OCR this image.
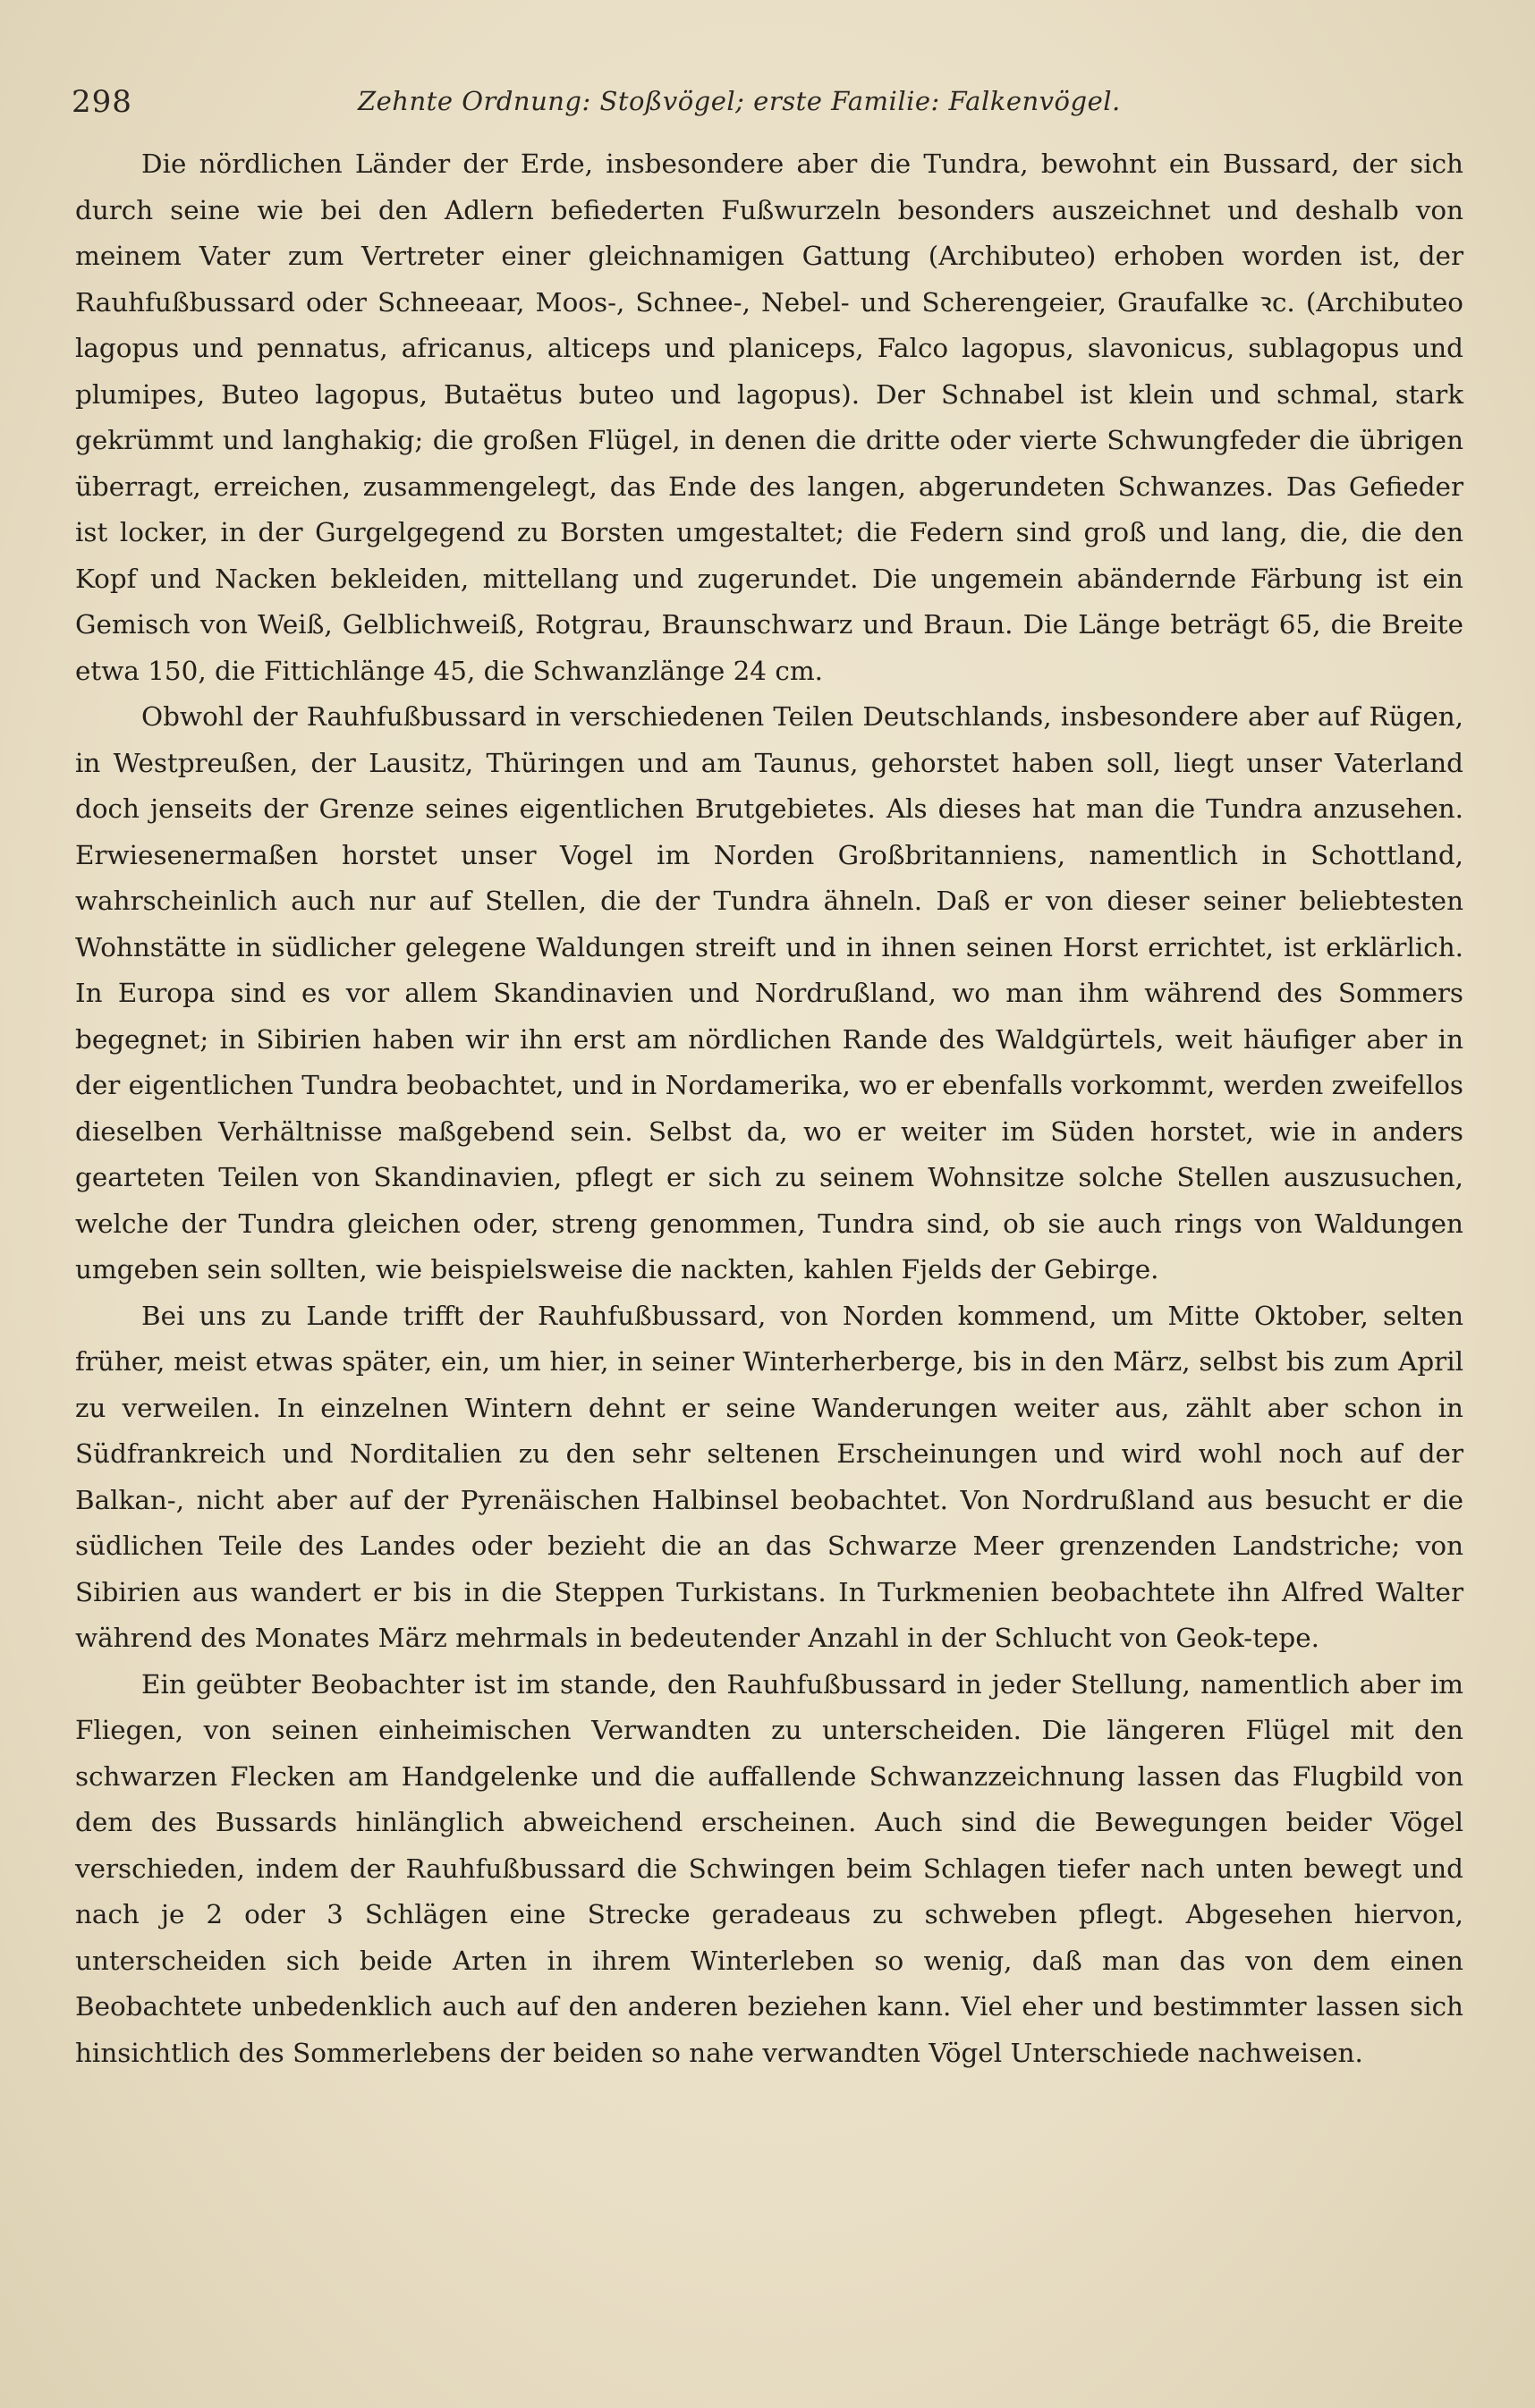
298	Zehnte Ordnung: Stoßvögel; erste Familie: Falkenvögel.

Die nördlichen Länder der Erde, insbesondere aber die Tundra, bewohnt ein Bussard, der sich durch seine wie bei den Adlern befiederten Fußwurzeln besonders auszeichnet und deshalb von meinem Vater zum Vertreter einer gleichnamigen Gattung (Archibuteo) erhoben worden ist, der Rauhfußbussard oder Schneeaar, Moos-, Schnee-, Nebel- und Scherengeier, Graufalke ꝛc. (Archibuteo lagopus und pennatus, africanus, alticeps und planiceps, Falco lagopus, slavonicus, sublagopus und plumipes, Buteo lagopus, Butaëtus buteo und lagopus). Der Schnabel ist klein und schmal, stark gekrümmt und langhakig; die großen Flügel, in denen die dritte oder vierte Schwungfeder die übrigen überragt, erreichen, zusammengelegt, das Ende des langen, abgerundeten Schwanzes. Das Gefieder ist locker, in der Gurgelgegend zu Borsten umgestaltet; die Federn sind groß und lang, die, die den Kopf und Nacken bekleiden, mittellang und zugerundet. Die ungemein abändernde Färbung ist ein Gemisch von Weiß, Gelblichweiß, Rotgrau, Braunschwarz und Braun. Die Länge beträgt 65, die Breite etwa 150, die Fittichlänge 45, die Schwanzlänge 24 cm.

Obwohl der Rauhfußbussard in verschiedenen Teilen Deutschlands, insbesondere aber auf Rügen, in Westpreußen, der Lausitz, Thüringen und am Taunus, gehorstet haben soll, liegt unser Vaterland doch jenseits der Grenze seines eigentlichen Brutgebietes. Als dieses hat man die Tundra anzusehen. Erwiesenermaßen horstet unser Vogel im Norden Großbritanniens, namentlich in Schottland, wahrscheinlich auch nur auf Stellen, die der Tundra ähneln. Daß er von dieser seiner beliebtesten Wohnstätte in südlicher gelegene Waldungen streift und in ihnen seinen Horst errichtet, ist erklärlich. In Europa sind es vor allem Skandinavien und Nordrußland, wo man ihm während des Sommers begegnet; in Sibirien haben wir ihn erst am nördlichen Rande des Waldgürtels, weit häufiger aber in der eigentlichen Tundra beobachtet, und in Nordamerika, wo er ebenfalls vorkommt, werden zweifellos dieselben Verhältnisse maßgebend sein. Selbst da, wo er weiter im Süden horstet, wie in anders gearteten Teilen von Skandinavien, pflegt er sich zu seinem Wohnsitze solche Stellen auszusuchen, welche der Tundra gleichen oder, streng genommen, Tundra sind, ob sie auch rings von Waldungen umgeben sein sollten, wie beispielsweise die nackten, kahlen Fjelds der Gebirge.

Bei uns zu Lande trifft der Rauhfußbussard, von Norden kommend, um Mitte Oktober, selten früher, meist etwas später, ein, um hier, in seiner Winterherberge, bis in den März, selbst bis zum April zu verweilen. In einzelnen Wintern dehnt er seine Wanderungen weiter aus, zählt aber schon in Südfrankreich und Norditalien zu den sehr seltenen Erscheinungen und wird wohl noch auf der Balkan-, nicht aber auf der Pyrenäischen Halbinsel beobachtet. Von Nordrußland aus besucht er die südlichen Teile des Landes oder bezieht die an das Schwarze Meer grenzenden Landstriche; von Sibirien aus wandert er bis in die Steppen Turkistans. In Turkmenien beobachtete ihn Alfred Walter während des Monates März mehrmals in bedeutender Anzahl in der Schlucht von Geok-tepe.

Ein geübter Beobachter ist im stande, den Rauhfußbussard in jeder Stellung, namentlich aber im Fliegen, von seinen einheimischen Verwandten zu unterscheiden. Die längeren Flügel mit den schwarzen Flecken am Handgelenke und die auffallende Schwanzzeichnung lassen das Flugbild von dem des Bussards hinlänglich abweichend erscheinen. Auch sind die Bewegungen beider Vögel verschieden, indem der Rauhfußbussard die Schwingen beim Schlagen tiefer nach unten bewegt und nach je 2 oder 3 Schlägen eine Strecke geradeaus zu schweben pflegt. Abgesehen hiervon, unterscheiden sich beide Arten in ihrem Winterleben so wenig, daß man das von dem einen Beobachtete unbedenklich auch auf den anderen beziehen kann. Viel eher und bestimmter lassen sich hinsichtlich des Sommerlebens der beiden so nahe verwandten Vögel Unterschiede nachweisen.
